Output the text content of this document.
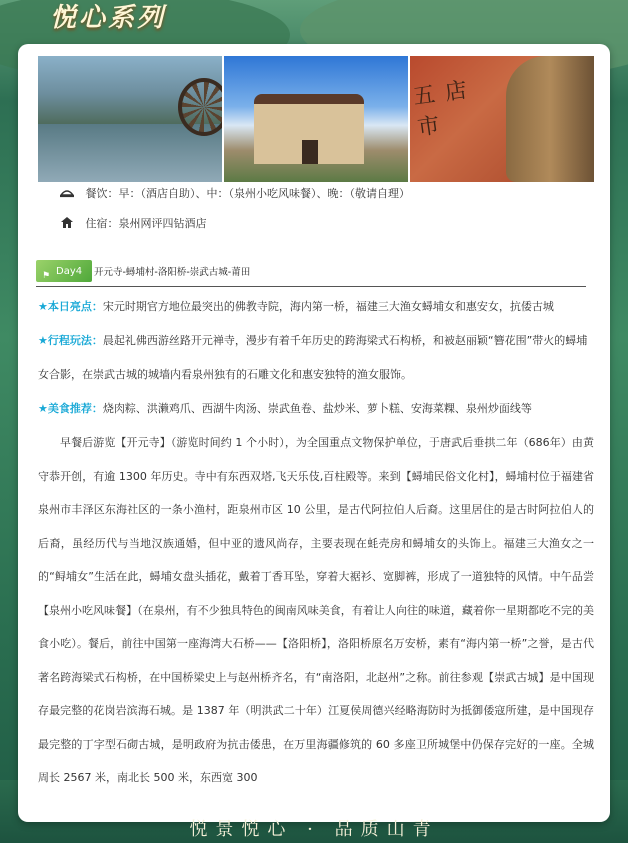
悦心系列
五店市
餐饮：早：（酒店自助）、中：（泉州小吃风味餐）、晚：（敬请自理）
住宿：泉州网评四钻酒店
⚑ Day4 开元寺-蟳埔村-洛阳桥-崇武古城-莆田
★本日亮点：宋元时期官方地位最突出的佛教寺院，海内第一桥，福建三大渔女蟳埔女和惠安女，抗倭古城
★行程玩法：晨起礼佛西游丝路开元禅寺，漫步有着千年历史的跨海梁式石构桥，和被赵丽颖“簪花围”带火的蟳埔女合影，在崇武古城的城墙内看泉州独有的石雕文化和惠安独特的渔女服饰。
★美食推荐：烧肉粽、洪濑鸡爪、西湖牛肉汤、崇武鱼卷、盐炒米、萝卜糕、安海菜粿、泉州炒面线等

早餐后游览【开元寺】（游览时间约 1 个小时），为全国重点文物保护单位，于唐武后垂拱二年（686年）由黄守恭开创，有逾 1300 年历史。寺中有东西双塔,飞天乐伎,百柱殿等。来到【蟳埔民俗文化村】，蟳埔村位于福建省泉州市丰泽区东海社区的一条小渔村，距泉州市区 10 公里，是古代阿拉伯人后裔。这里居住的是古时阿拉伯人的后裔，虽经历代与当地汉族通婚，但中亚的遗风尚存，主要表现在蚝壳房和蟳埔女的头饰上。福建三大渔女之一的“鲟埔女”生活在此，蟳埔女盘头插花，戴着丁香耳坠，穿着大裾衫、宽脚裤，形成了一道独特的风情。中午品尝【泉州小吃风味餐】（在泉州，有不少独具特色的闽南风味美食，有着让人向往的味道，藏着你一星期都吃不完的美食小吃）。餐后，前往中国第一座海湾大石桥——【洛阳桥】，洛阳桥原名万安桥，素有“海内第一桥”之誉，是古代著名跨海梁式石构桥，在中国桥梁史上与赵州桥齐名，有“南洛阳，北赵州”之称。前往参观【崇武古城】是中国现存最完整的花岗岩滨海石城。是 1387 年（明洪武二十年）江夏侯周德兴经略海防时为抵御倭寇所建，是中国现存最完整的丁字型石砌古城，是明政府为抗击倭患，在万里海疆修筑的 60 多座卫所城堡中仍保存完好的一座。全城周长 2567 米，南北长 500 米，东西宽 300

悦景悦心 · 品质山青
